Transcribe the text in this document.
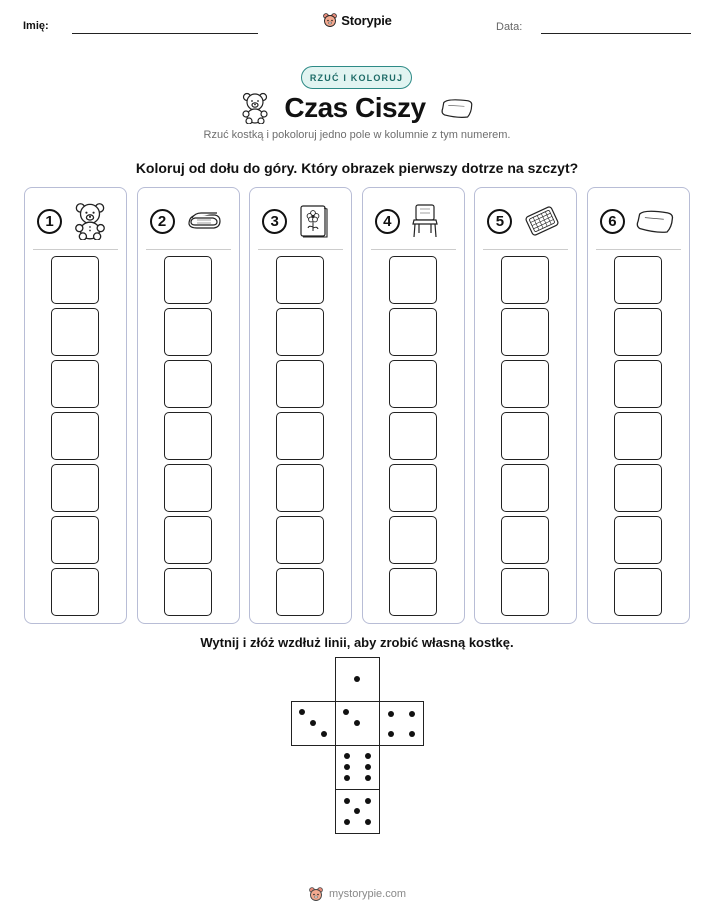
Imię:	Storypie	Data:
RZUĆ I KOLORUJ
Czas Ciszy
Rzuć kostką i pokoloruj jedno pole w kolumnie z tym numerem.
Koloruj od dołu do góry. Który obrazek pierwszy dotrze na szczyt?
1	2	3	4	5	6
Wytnij i złóż wzdłuż linii, aby zrobić własną kostkę.
mystorypie.com
